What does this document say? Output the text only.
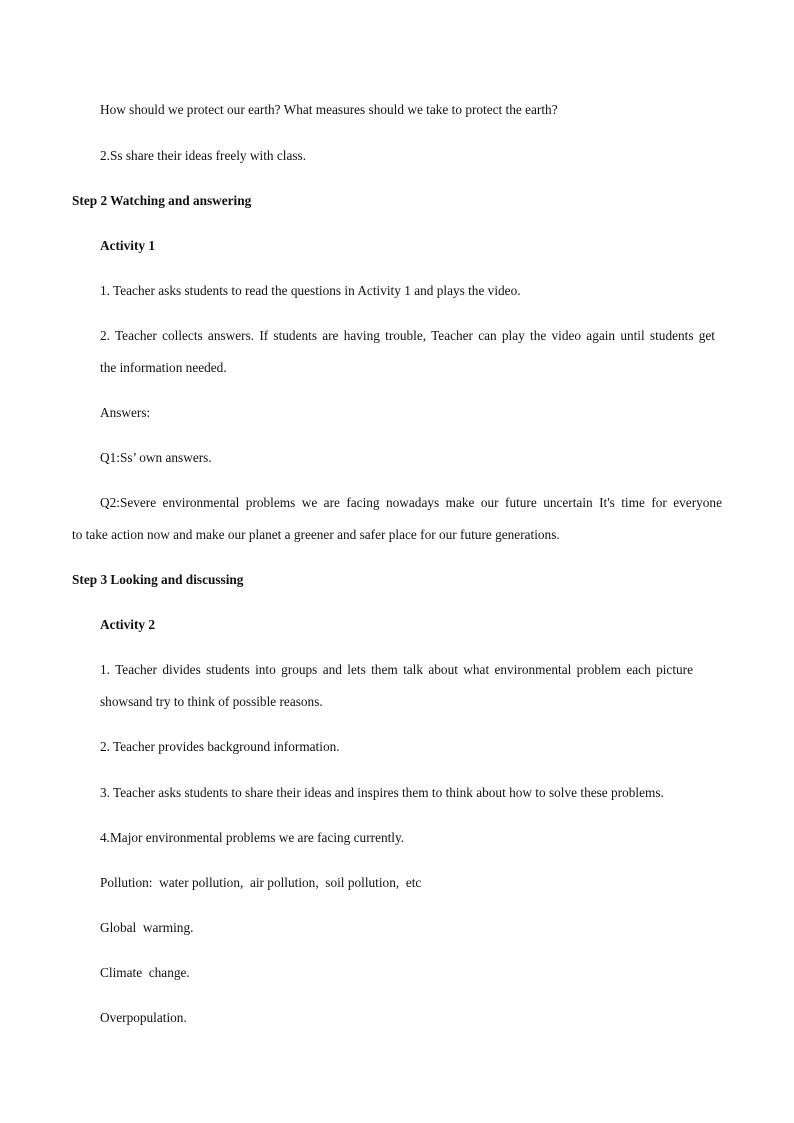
How should we protect our earth? What measures should we take to protect the earth?
2.Ss share their ideas freely with class.
Step 2 Watching and answering
Activity 1
1. Teacher asks students to read the questions in Activity 1 and plays the video.
2. Teacher collects answers. If students are having trouble, Teacher can play the video again until students get
the information needed.
Answers:
Q1:Ss’ own answers.
Q2:Severe environmental problems we are facing nowadays make our future uncertain It's time for everyone
to take action now and make our planet a greener and safer place for our future generations.
Step 3 Looking and discussing
Activity 2
1. Teacher divides students into groups and lets them talk about what environmental problem each picture
showsand try to think of possible reasons.
2. Teacher provides background information.
3. Teacher asks students to share their ideas and inspires them to think about how to solve these problems.
4.Major environmental problems we are facing currently.
Pollution:  water pollution,  air pollution,  soil pollution,  etc
Global  warming.
Climate  change.
Overpopulation.
